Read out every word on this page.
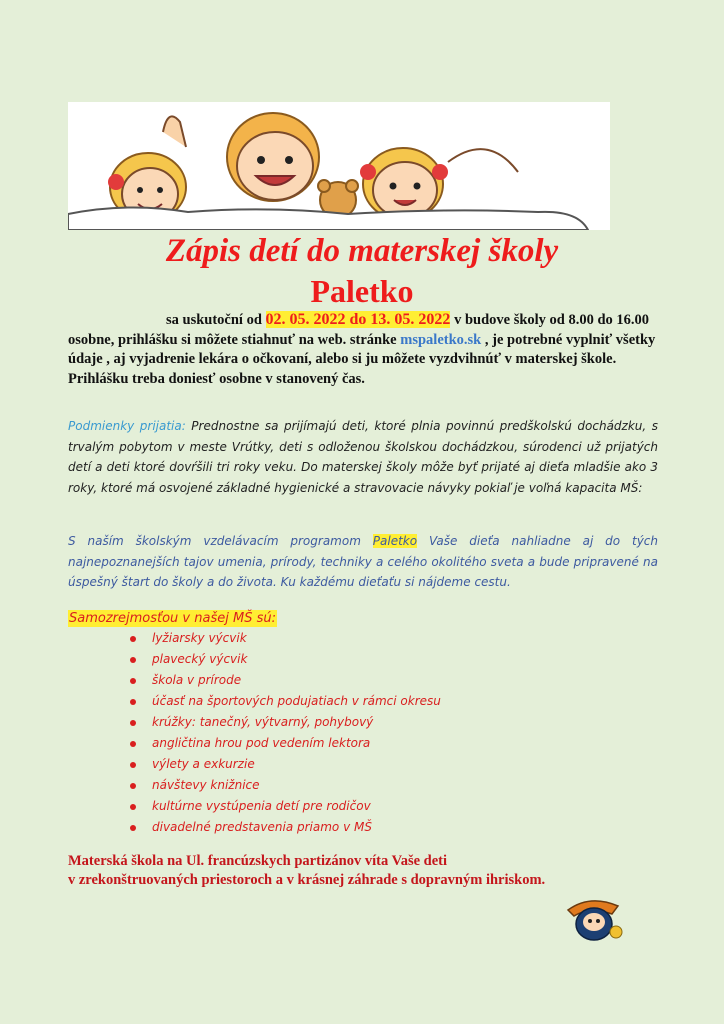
Zápis detí do materskej školy
Paletko
sa uskutoční od 02. 05. 2022 do 13. 05. 2022 v budove školy od 8.00 do 16.00 osobne, prihlášku si môžete stiahnuť na web. stránke mspaletko.sk , je potrebné vyplniť všetky údaje , aj vyjadrenie lekára o očkovaní, alebo si ju môžete vyzdvihnúť v materskej škole. Prihlášku treba doniesť osobne v stanovený čas.
Podmienky prijatia: Prednostne sa prijímajú deti, ktoré plnia povinnú predškolskú dochádzku, s trvalým pobytom v meste Vrútky, deti s odloženou školskou dochádzkou, súrodenci už prijatých detí a deti ktoré dovŕšili tri roky veku. Do materskej školy môže byť prijaté aj dieťa mladšie ako 3 roky, ktoré má osvojené základné hygienické a stravovacie návyky pokiaľ je voľná kapacita MŠ:
S naším školským vzdelávacím programom Paletko Vaše dieťa nahliadne aj do tých najnepoznanejších tajov umenia, prírody, techniky a celého okolitého sveta a bude pripravené na úspešný štart do školy a do života. Ku každému dieťaťu si nájdeme cestu.
Samozrejmosťou v našej MŠ sú:
lyžiarsky výcvik
plavecký výcvik
škola v prírode
účasť na športových podujatiach v rámci okresu
krúžky: tanečný, výtvarný, pohybový
angličtina hrou pod vedením lektora
výlety a exkurzie
návštevy knižnice
kultúrne vystúpenia detí pre rodičov
divadelné predstavenia priamo v MŠ
Materská škola na Ul. francúzskych partizánov víta Vaše deti
v zrekonštruovaných priestoroch a v krásnej záhrade s dopravným ihriskom.
